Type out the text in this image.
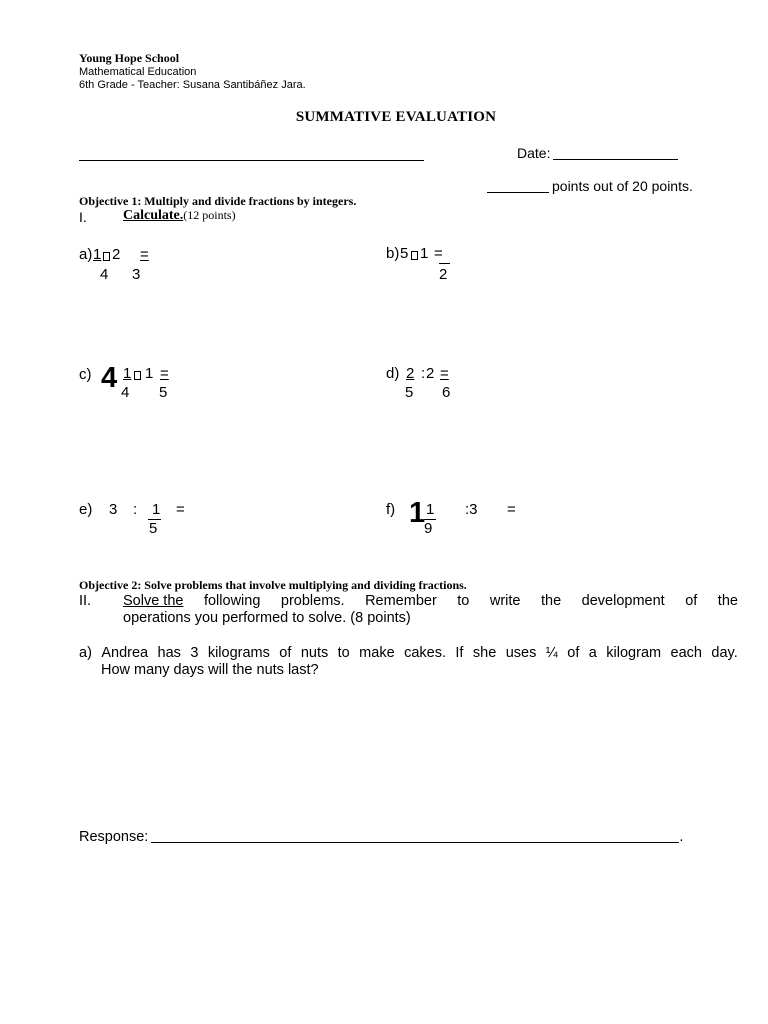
Young Hope School
Mathematical Education
6th Grade - Teacher: Susana Santibáñez Jara.
SUMMATIVE EVALUATION
Date:
points out of 20 points.
Objective 1: Multiply and divide fractions by integers.
I.	Calculate.(12 points)
a) 1 2 =
4 3
b) 5 1 =
2
c) 4 1 1 =
4 5
d) 2 : 2 =
5 6
e) 3 : 1
5
=	f) 1 1
9
:3 =
Objective 2: Solve problems that involve multiplying and dividing fractions.
II. Solve the following problems. Remember to write the development of the
operations you performed to solve. (8 points)
a) Andrea has 3 kilograms of nuts to make cakes. If she uses ¼ of a kilogram each day.
How many days will the nuts last?
Response:	.
